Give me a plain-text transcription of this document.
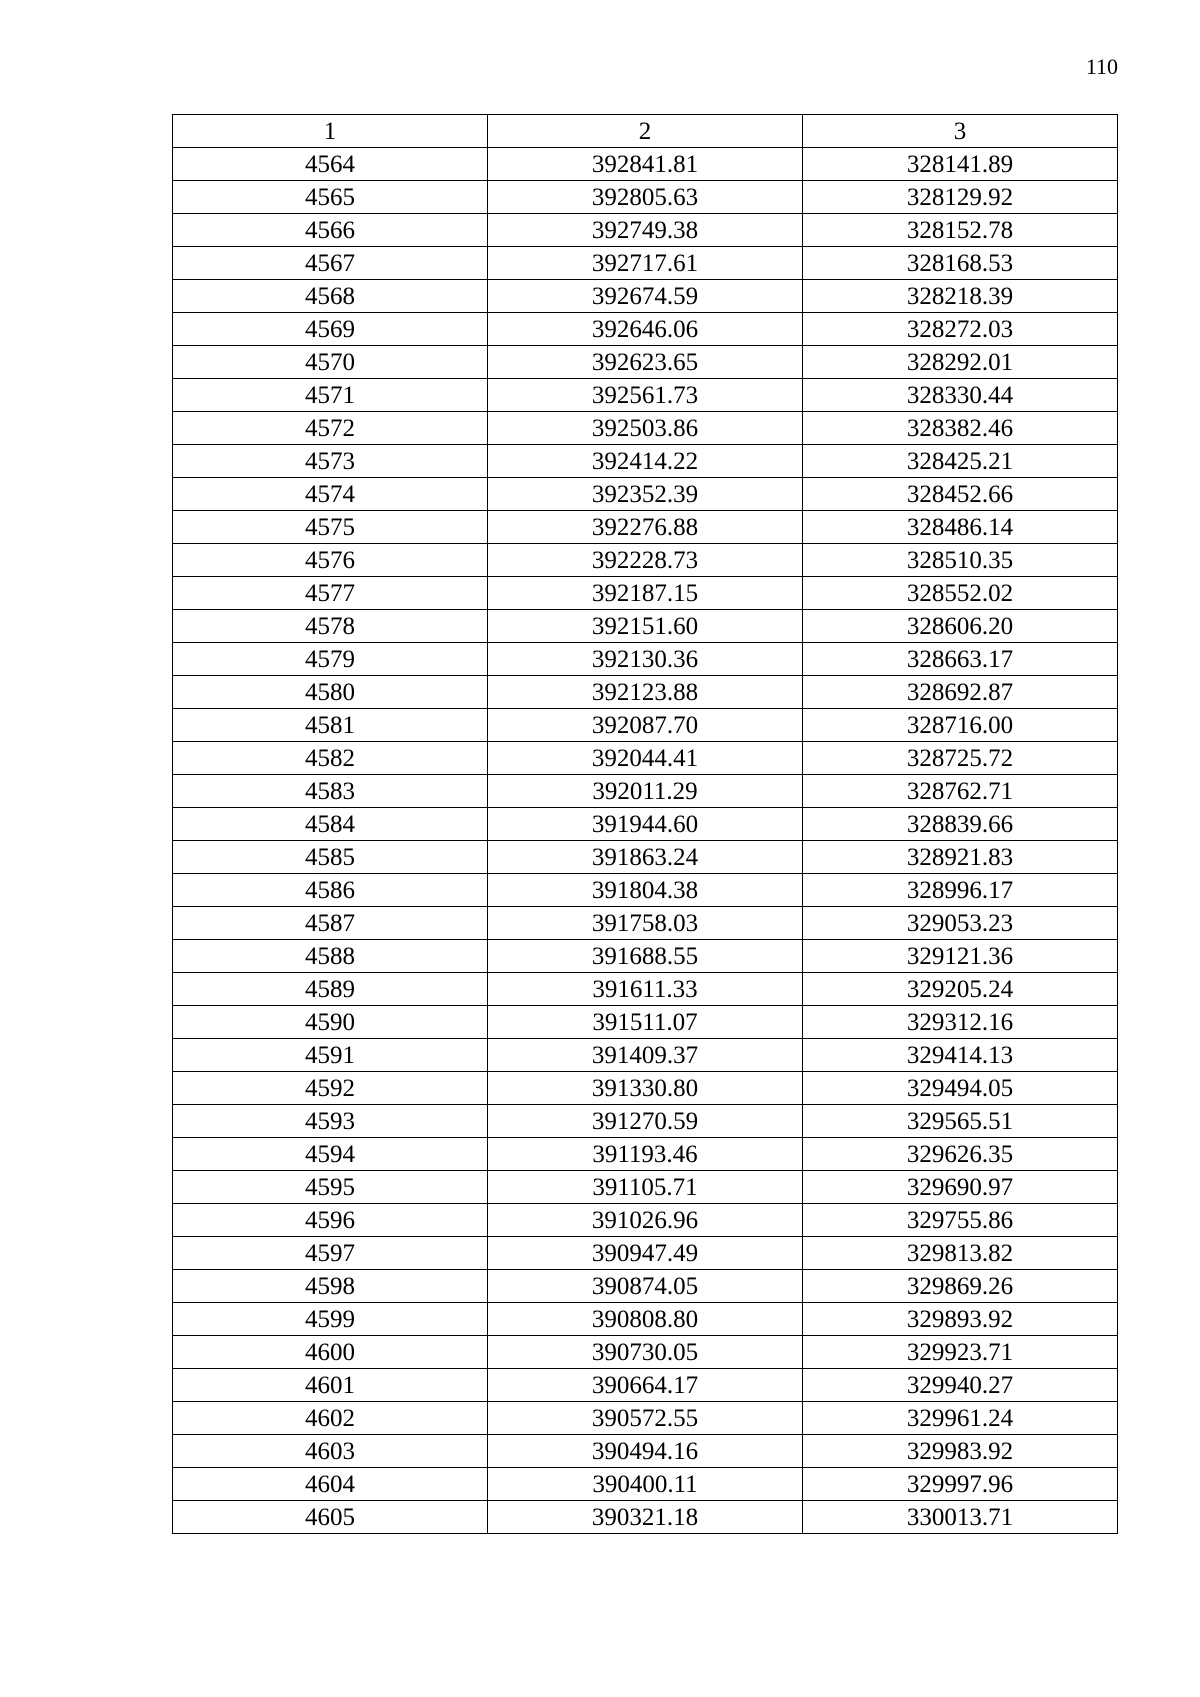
110
1	2	3
4564	392841.81	328141.89
4565	392805.63	328129.92
4566	392749.38	328152.78
4567	392717.61	328168.53
4568	392674.59	328218.39
4569	392646.06	328272.03
4570	392623.65	328292.01
4571	392561.73	328330.44
4572	392503.86	328382.46
4573	392414.22	328425.21
4574	392352.39	328452.66
4575	392276.88	328486.14
4576	392228.73	328510.35
4577	392187.15	328552.02
4578	392151.60	328606.20
4579	392130.36	328663.17
4580	392123.88	328692.87
4581	392087.70	328716.00
4582	392044.41	328725.72
4583	392011.29	328762.71
4584	391944.60	328839.66
4585	391863.24	328921.83
4586	391804.38	328996.17
4587	391758.03	329053.23
4588	391688.55	329121.36
4589	391611.33	329205.24
4590	391511.07	329312.16
4591	391409.37	329414.13
4592	391330.80	329494.05
4593	391270.59	329565.51
4594	391193.46	329626.35
4595	391105.71	329690.97
4596	391026.96	329755.86
4597	390947.49	329813.82
4598	390874.05	329869.26
4599	390808.80	329893.92
4600	390730.05	329923.71
4601	390664.17	329940.27
4602	390572.55	329961.24
4603	390494.16	329983.92
4604	390400.11	329997.96
4605	390321.18	330013.71
